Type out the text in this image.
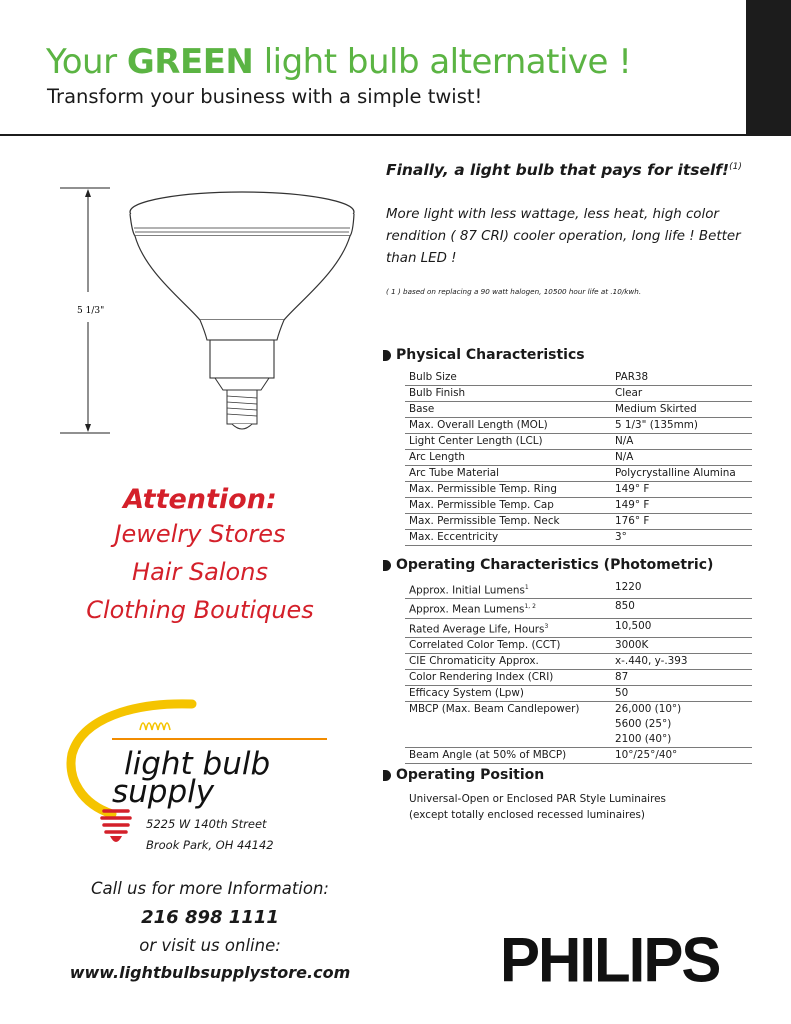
Your GREEN light bulb alternative !
Transform your business with a simple twist!
5 1/3"
Attention:
Jewelry Stores
Hair Salons
Clothing Boutiques
light bulb
supply
5225 W 140th Street
Brook Park, OH 44142
Call us for more Information:
216 898 1111
or visit us online:
www.lightbulbsupplystore.com
Finally, a light bulb that pays for itself!$^{(1)}$
More light with less wattage, less heat, high color rendition ( 87 CRI) cooler operation, long life ! Better than LED !
( 1 ) based on replacing a 90 watt halogen, 10500 hour life at .10/kwh.
Physical Characteristics
Bulb Size	PAR38

Bulb Finish	Clear

Base	Medium Skirted

Max. Overall Length (MOL)	5 1/3" (135mm)

Light Center Length (LCL)	N/A

Arc Length	N/A

Arc Tube Material	Polycrystalline Alumina

Max. Permissible Temp. Ring	149° F

Max. Permissible Temp. Cap	149° F

Max. Permissible Temp. Neck	176° F

Max. Eccentricity	3°
Operating Characteristics (Photometric)
Approx. Initial Lumens$^1$	1220

Approx. Mean Lumens$^{1, 2}$	850

Rated Average Life, Hours$^3$	10,500

Correlated Color Temp. (CCT)	3000K

CIE Chromaticity Approx.	x-.440, y-.393

Color Rendering Index (CRI)	87

Efficacy System (Lpw)	50

MBCP (Max. Beam Candlepower)	26,000 (10°)
5600 (25°)
2100 (40°)

Beam Angle (at 50% of MBCP)	10°/25°/40°
Operating Position
Universal-Open or Enclosed PAR Style Luminaires
(except totally enclosed recessed luminaires)
PHILIPS
